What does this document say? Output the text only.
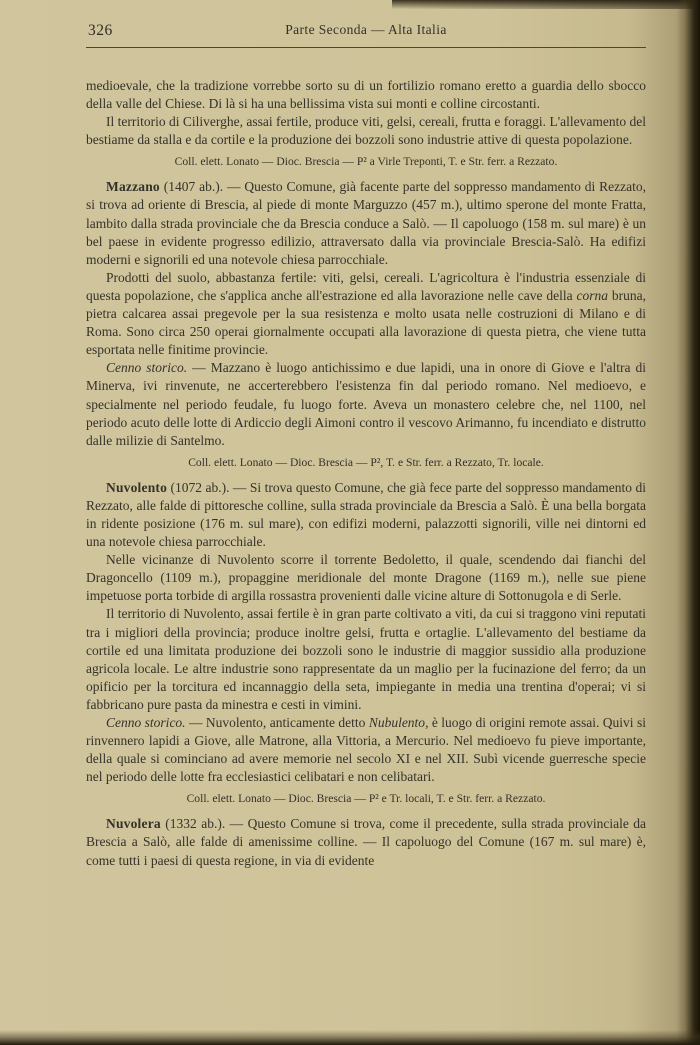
326	Parte Seconda — Alta Italia

medioevale, che la tradizione vorrebbe sorto su di un fortilizio romano eretto a guardia dello sbocco della valle del Chiese. Di là si ha una bellissima vista sui monti e colline circostanti.

Il territorio di Ciliverghe, assai fertile, produce viti, gelsi, cereali, frutta e foraggi. L'allevamento del bestiame da stalla e da cortile e la produzione dei bozzoli sono industrie attive di questa popolazione.

Coll. elett. Lonato — Dioc. Brescia — P² a Virle Treponti, T. e Str. ferr. a Rezzato.

Mazzano (1407 ab.). — Questo Comune, già facente parte del soppresso mandamento di Rezzato, si trova ad oriente di Brescia, al piede di monte Marguzzo (457 m.), ultimo sperone del monte Fratta, lambito dalla strada provinciale che da Brescia conduce a Salò. — Il capoluogo (158 m. sul mare) è un bel paese in evidente progresso edilizio, attraversato dalla via provinciale Brescia-Salò. Ha edifizi moderni e signorili ed una notevole chiesa parrocchiale.

Prodotti del suolo, abbastanza fertile: viti, gelsi, cereali. L'agricoltura è l'industria essenziale di questa popolazione, che s'applica anche all'estrazione ed alla lavorazione nelle cave della corna bruna, pietra calcarea assai pregevole per la sua resistenza e molto usata nelle costruzioni di Milano e di Roma. Sono circa 250 operai giornalmente occupati alla lavorazione di questa pietra, che viene tutta esportata nelle finitime provincie.

Cenno storico. — Mazzano è luogo antichissimo e due lapidi, una in onore di Giove e l'altra di Minerva, ivi rinvenute, ne accerterebbero l'esistenza fin dal periodo romano. Nel medioevo, e specialmente nel periodo feudale, fu luogo forte. Aveva un monastero celebre che, nel 1100, nel periodo acuto delle lotte di Ardiccio degli Aimoni contro il vescovo Arimanno, fu incendiato e distrutto dalle milizie di Santelmo.

Coll. elett. Lonato — Dioc. Brescia — P², T. e Str. ferr. a Rezzato, Tr. locale.

Nuvolento (1072 ab.). — Si trova questo Comune, che già fece parte del soppresso mandamento di Rezzato, alle falde di pittoresche colline, sulla strada provinciale da Brescia a Salò. È una bella borgata in ridente posizione (176 m. sul mare), con edifizi moderni, palazzotti signorili, ville nei dintorni ed una notevole chiesa parrocchiale.

Nelle vicinanze di Nuvolento scorre il torrente Bedoletto, il quale, scendendo dai fianchi del Dragoncello (1109 m.), propaggine meridionale del monte Dragone (1169 m.), nelle sue piene impetuose porta torbide di argilla rossastra provenienti dalle vicine alture di Sottonugola e di Serle.

Il territorio di Nuvolento, assai fertile è in gran parte coltivato a viti, da cui si traggono vini reputati tra i migliori della provincia; produce inoltre gelsi, frutta e ortaglie. L'allevamento del bestiame da cortile ed una limitata produzione dei bozzoli sono le industrie di maggior sussidio alla produzione agricola locale. Le altre industrie sono rappresentate da un maglio per la fucinazione del ferro; da un opificio per la torcitura ed incannaggio della seta, impiegante in media una trentina d'operai; vi si fabbricano pure pasta da minestra e cesti in vimini.

Cenno storico. — Nuvolento, anticamente detto Nubulento, è luogo di origini remote assai. Quivi si rinvennero lapidi a Giove, alle Matrone, alla Vittoria, a Mercurio. Nel medioevo fu pieve importante, della quale si cominciano ad avere memorie nel secolo XI e nel XII. Subì vicende guerresche specie nel periodo delle lotte fra ecclesiastici celibatari e non celibatari.

Coll. elett. Lonato — Dioc. Brescia — P² e Tr. locali, T. e Str. ferr. a Rezzato.

Nuvolera (1332 ab.). — Questo Comune si trova, come il precedente, sulla strada provinciale da Brescia a Salò, alle falde di amenissime colline. — Il capoluogo del Comune (167 m. sul mare) è, come tutti i paesi di questa regione, in via di evidente
